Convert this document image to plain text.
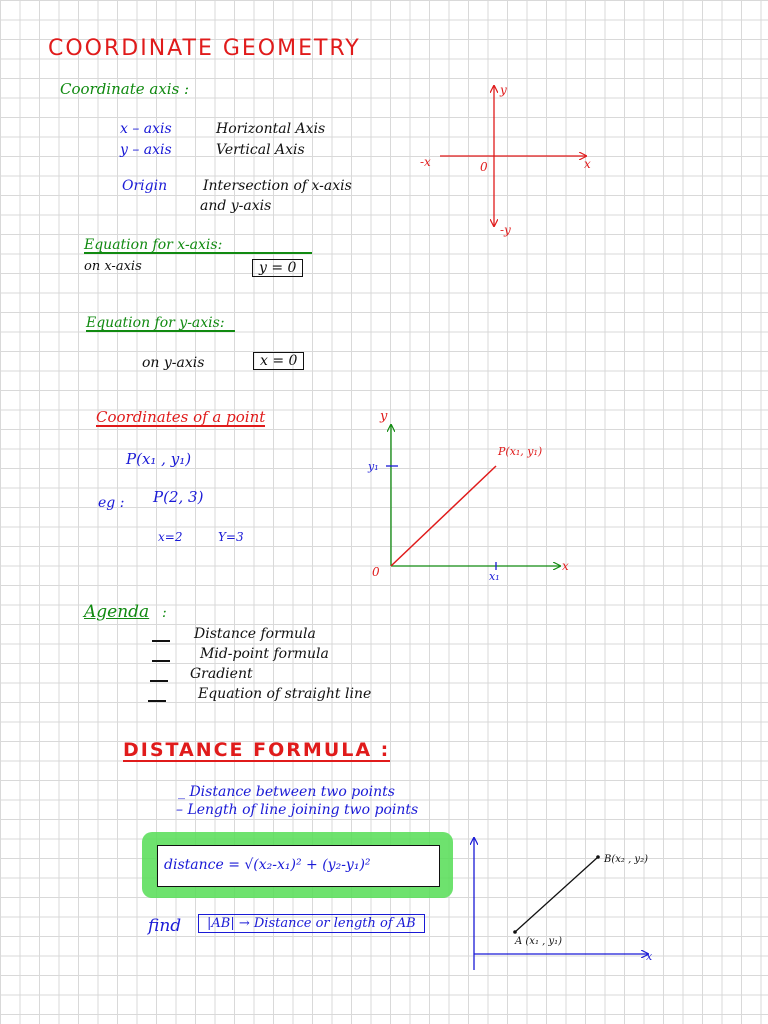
COORDINATE GEOMETRY
Coordinate axis :
x – axis	Horizontal Axis
y – axis	Vertical Axis
Origin	Intersection of x-axis
and y-axis
Equation for x-axis:
on x-axis	y = 0
Equation for y-axis:
on y-axis	x = 0
Coordinates of a point
P(x₁ , y₁)
eg : P(2, 3)
x=2	Y=3
Agenda :
Distance formula
Mid-point formula
Gradient
Equation of straight line
DISTANCE FORMULA :
_ Distance between two points
– Length of line joining two points
distance = √(x₂-x₁)² + (y₂-y₁)²
find	|AB| → Distance or length of AB
y
-y
x
-x	0
y
x
0
y₁
x₁
P(x₁, y₁)
x
A (x₁ , y₁)
B(x₂ , y₂)
